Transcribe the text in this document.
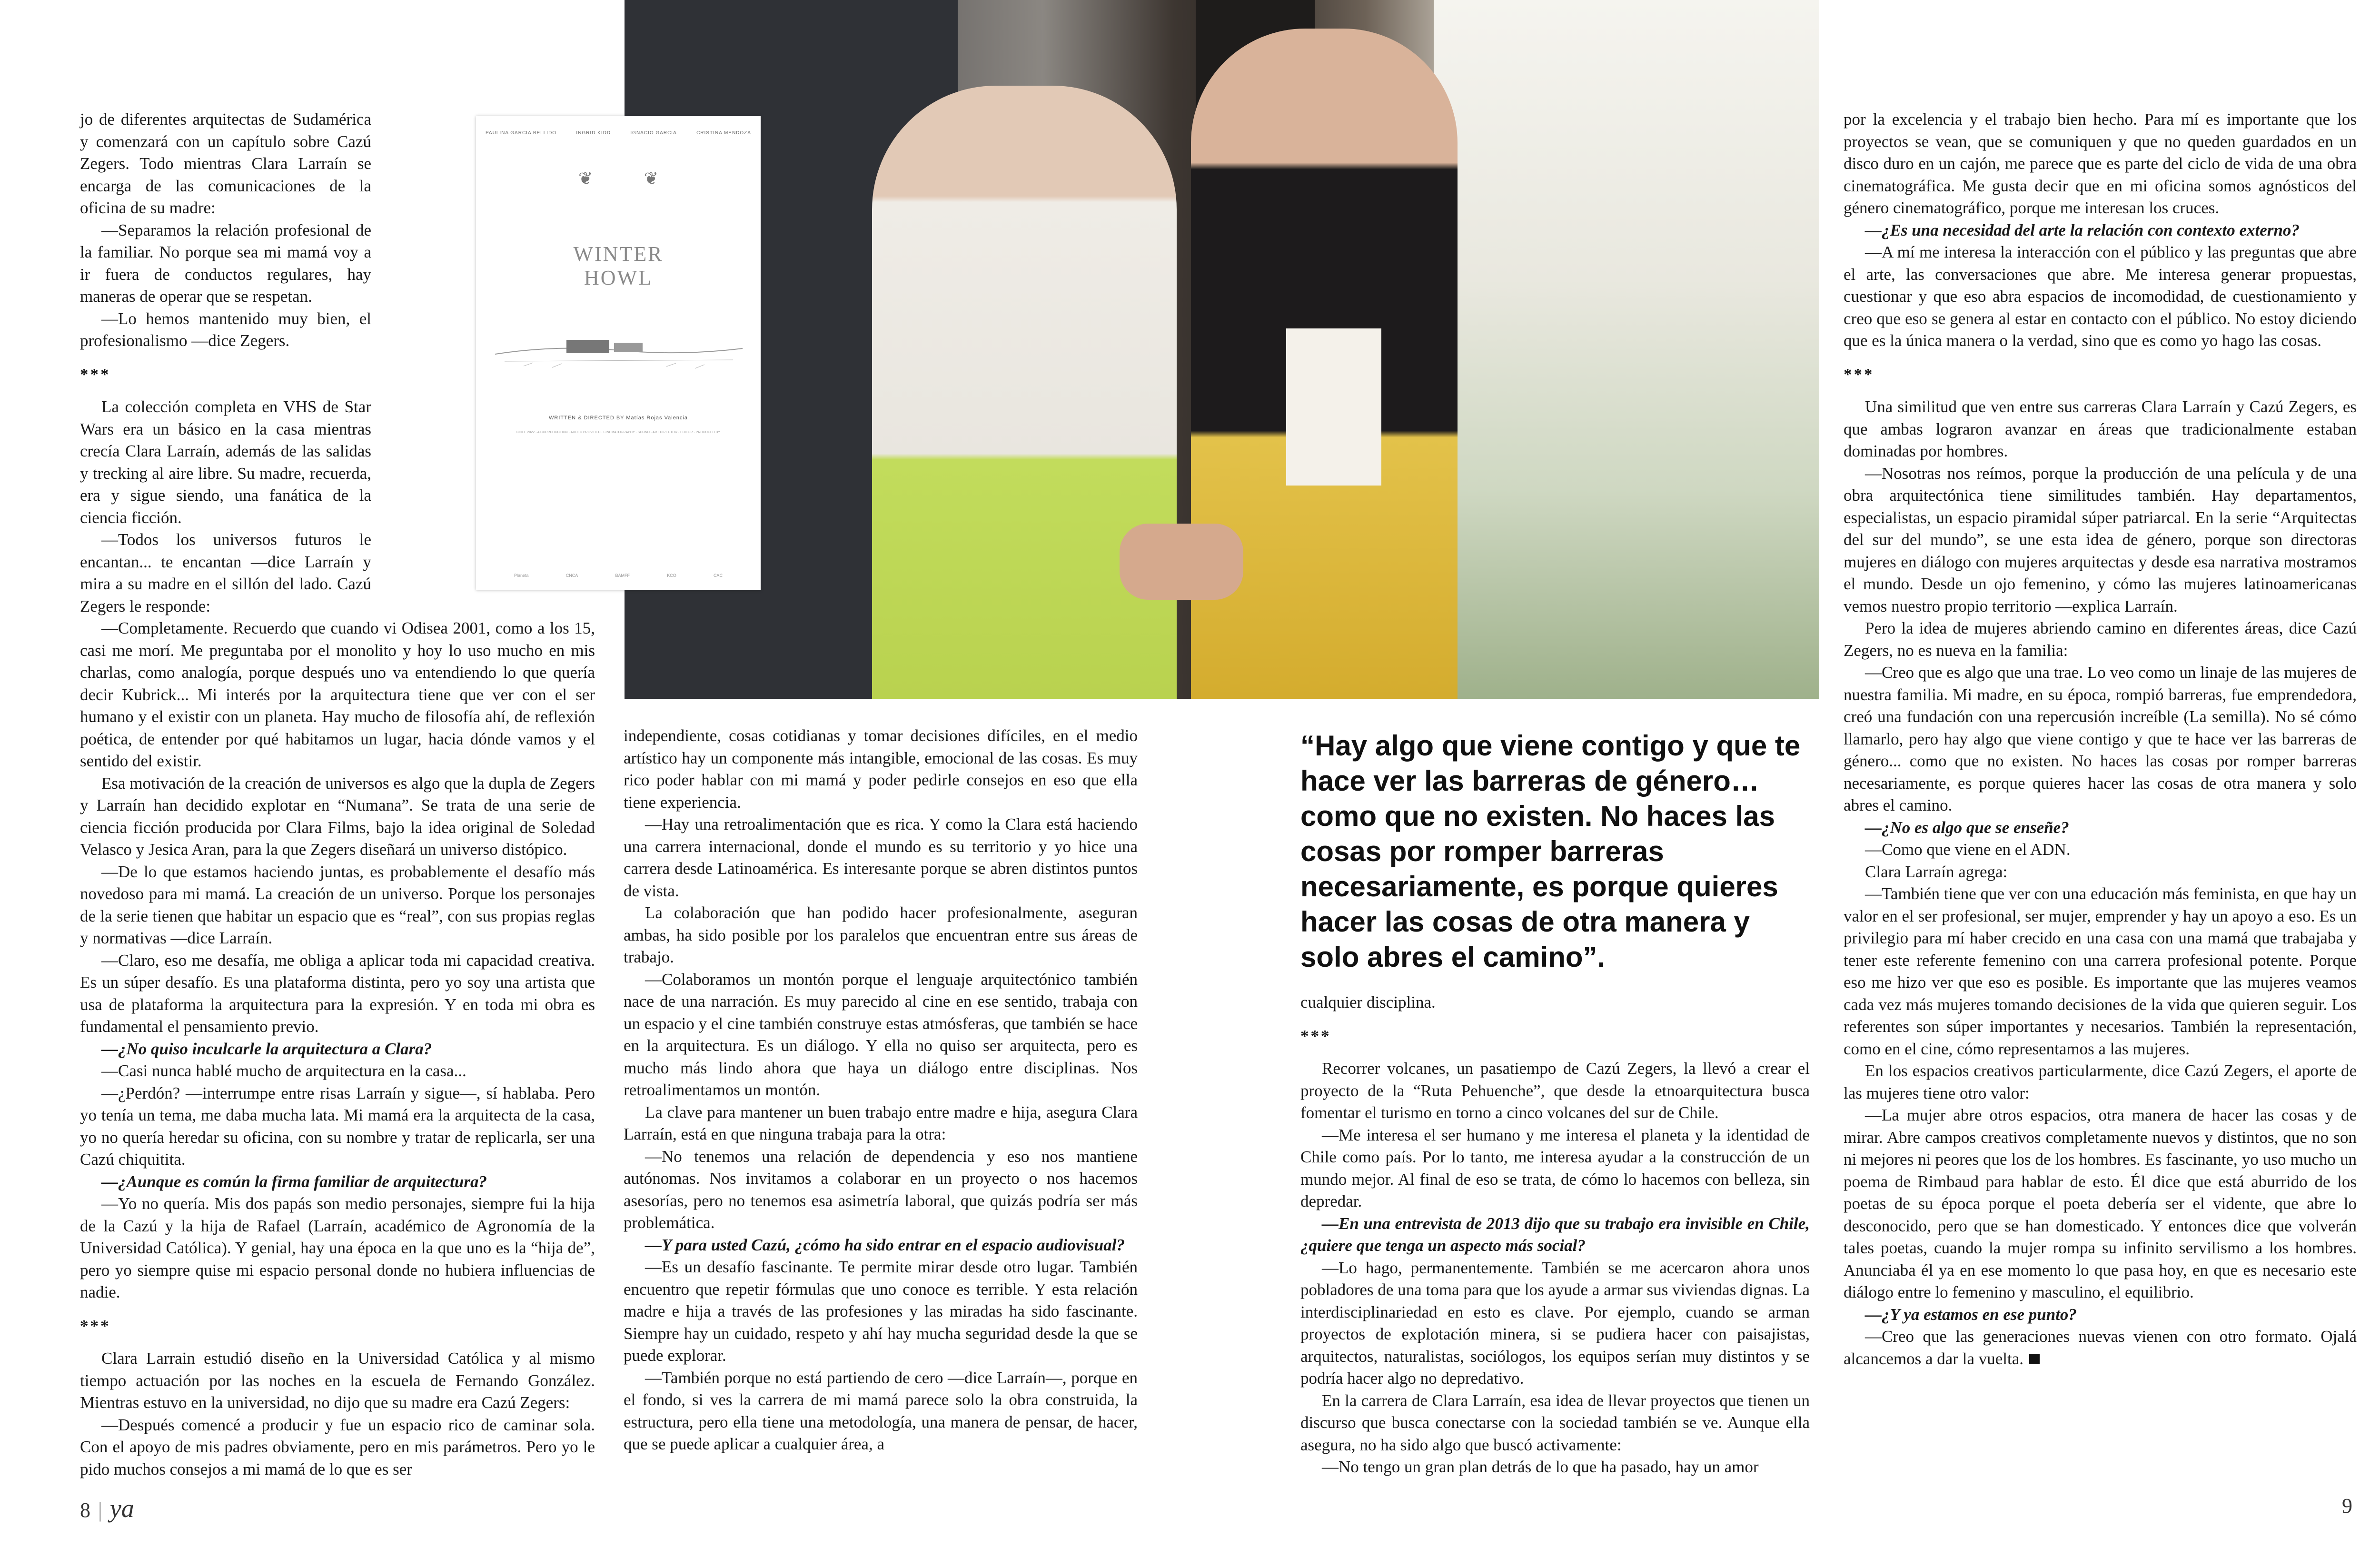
PAULINA GARCIA BELLIDO	INGRID KIDD	IGNACIO GARCIA	CRISTINA MENDOZA
❦	❦
WINTER
HOWL
WRITTEN & DIRECTED BY Matías Rojas Valencia
CHILE 2022 · A COPRODUCTION · ADDED PROVIDED · CINEMATOGRAPHY · SOUND · ART DIRECTOR · EDITOR · PRODUCED BY
Planeta	CNCA	BAMFF	KCO	CAC

jo de diferentes arquitectas de Sudamérica y comenzará con un capítulo sobre Cazú Zegers. Todo mientras Clara Larraín se encarga de las comunicaciones de la oficina de su madre:

—Separamos la relación profesional de la familiar. No porque sea mi mamá voy a ir fuera de conductos regulares, hay maneras de operar que se respetan.

—Lo hemos mantenido muy bien, el profesionalismo —dice Zegers.

***

La colección completa en VHS de Star Wars era un básico en la casa mientras crecía Clara Larraín, además de las salidas y trecking al aire libre. Su madre, recuerda, era y sigue siendo, una fanática de la ciencia ficción.

—Todos los universos futuros le encantan... te encantan —dice Larraín y mira a su madre en el sillón del lado. Cazú Zegers le responde:

—Completamente. Recuerdo que cuando vi Odisea 2001, como a los 15, casi me morí. Me preguntaba por el monolito y hoy lo uso mucho en mis charlas, como analogía, porque después uno va entendiendo lo que quería decir Kubrick... Mi interés por la arquitectura tiene que ver con el ser humano y el existir con un planeta. Hay mucho de filosofía ahí, de reflexión poética, de entender por qué habitamos un lugar, hacia dónde vamos y el sentido del existir.

Esa motivación de la creación de universos es algo que la dupla de Zegers y Larraín han decidido explotar en “Numana”. Se trata de una serie de ciencia ficción producida por Clara Films, bajo la idea original de Soledad Velasco y Jesica Aran, para la que Zegers diseñará un universo distópico.

—De lo que estamos haciendo juntas, es probablemente el desafío más novedoso para mi mamá. La creación de un universo. Porque los personajes de la serie tienen que habitar un espacio que es “real”, con sus propias reglas y normativas —dice Larraín.

—Claro, eso me desafía, me obliga a aplicar toda mi capacidad creativa. Es un súper desafío. Es una plataforma distinta, pero yo soy una artista que usa de plataforma la arquitectura para la expresión. Y en toda mi obra es fundamental el pensamiento previo.

—¿No quiso inculcarle la arquitectura a Clara?

—Casi nunca hablé mucho de arquitectura en la casa...

—¿Perdón? —interrumpe entre risas Larraín y sigue—, sí hablaba. Pero yo tenía un tema, me daba mucha lata. Mi mamá era la arquitecta de la casa, yo no quería heredar su oficina, con su nombre y tratar de replicarla, ser una Cazú chiquitita.

—¿Aunque es común la firma familiar de arquitectura?

—Yo no quería. Mis dos papás son medio personajes, siempre fui la hija de la Cazú y la hija de Rafael (Larraín, académico de Agronomía de la Universidad Católica). Y genial, hay una época en la que uno es la “hija de”, pero yo siempre quise mi espacio personal donde no hubiera influencias de nadie.

***

Clara Larrain estudió diseño en la Universidad Católica y al mismo tiempo actuación por las noches en la escuela de Fernando González. Mientras estuvo en la universidad, no dijo que su madre era Cazú Zegers:

—Después comencé a producir y fue un espacio rico de caminar sola. Con el apoyo de mis padres obviamente, pero en mis parámetros. Pero yo le pido muchos consejos a mi mamá de lo que es ser

independiente, cosas cotidianas y tomar decisiones difíciles, en el medio artístico hay un componente más intangible, emocional de las cosas. Es muy rico poder hablar con mi mamá y poder pedirle consejos en eso que ella tiene experiencia.

—Hay una retroalimentación que es rica. Y como la Clara está haciendo una carrera internacional, donde el mundo es su territorio y yo hice una carrera desde Latinoamérica. Es interesante porque se abren distintos puntos de vista.

La colaboración que han podido hacer profesionalmente, aseguran ambas, ha sido posible por los paralelos que encuentran entre sus áreas de trabajo.

—Colaboramos un montón porque el lenguaje arquitectónico también nace de una narración. Es muy parecido al cine en ese sentido, trabaja con un espacio y el cine también construye estas atmósferas, que también se hace en la arquitectura. Es un diálogo. Y ella no quiso ser arquitecta, pero es mucho más lindo ahora que haya un diálogo entre disciplinas. Nos retroalimentamos un montón.

La clave para mantener un buen trabajo entre madre e hija, asegura Clara Larraín, está en que ninguna trabaja para la otra:

—No tenemos una relación de dependencia y eso nos mantiene autónomas. Nos invitamos a colaborar en un proyecto o nos hacemos asesorías, pero no tenemos esa asimetría laboral, que quizás podría ser más problemática.

—Y para usted Cazú, ¿cómo ha sido entrar en el espacio audiovisual?

—Es un desafío fascinante. Te permite mirar desde otro lugar. También encuentro que repetir fórmulas que uno conoce es terrible. Y esta relación madre e hija a través de las profesiones y las miradas ha sido fascinante. Siempre hay un cuidado, respeto y ahí hay mucha seguridad desde la que se puede explorar.

—También porque no está partiendo de cero —dice Larraín—, porque en el fondo, si ves la carrera de mi mamá parece solo la obra construida, la estructura, pero ella tiene una metodología, una manera de pensar, de hacer, que se puede aplicar a cualquier área, a

cualquier disciplina.

***

Recorrer volcanes, un pasatiempo de Cazú Zegers, la llevó a crear el proyecto de la “Ruta Pehuenche”, que desde la etnoarquitectura busca fomentar el turismo en torno a cinco volcanes del sur de Chile.

—Me interesa el ser humano y me interesa el planeta y la identidad de Chile como país. Por lo tanto, me interesa ayudar a la construcción de un mundo mejor. Al final de eso se trata, de cómo lo hacemos con belleza, sin depredar.

—En una entrevista de 2013 dijo que su trabajo era invisible en Chile, ¿quiere que tenga un aspecto más social?

—Lo hago, permanentemente. También se me acercaron ahora unos pobladores de una toma para que los ayude a armar sus viviendas dignas. La interdisciplinariedad en esto es clave. Por ejemplo, cuando se arman proyectos de explotación minera, si se pudiera hacer con paisajistas, arquitectos, naturalistas, sociólogos, los equipos serían muy distintos y se podría hacer algo no depredativo.

En la carrera de Clara Larraín, esa idea de llevar proyectos que tienen un discurso que busca conectarse con la sociedad también se ve. Aunque ella asegura, no ha sido algo que buscó activamente:

—No tengo un gran plan detrás de lo que ha pasado, hay un amor

por la excelencia y el trabajo bien hecho. Para mí es importante que los proyectos se vean, que se comuniquen y que no queden guardados en un disco duro en un cajón, me parece que es parte del ciclo de vida de una obra cinematográfica. Me gusta decir que en mi oficina somos agnósticos del género cinematográfico, porque me interesan los cruces.

—¿Es una necesidad del arte la relación con contexto externo?

—A mí me interesa la interacción con el público y las preguntas que abre el arte, las conversaciones que abre. Me interesa generar propuestas, cuestionar y que eso abra espacios de incomodidad, de cuestionamiento y creo que eso se genera al estar en contacto con el público. No estoy diciendo que es la única manera o la verdad, sino que es como yo hago las cosas.

***

Una similitud que ven entre sus carreras Clara Larraín y Cazú Zegers, es que ambas lograron avanzar en áreas que tradicionalmente estaban dominadas por hombres.

—Nosotras nos reímos, porque la producción de una película y de una obra arquitectónica tiene similitudes también. Hay departamentos, especialistas, un espacio piramidal súper patriarcal. En la serie “Arquitectas del sur del mundo”, se une esta idea de género, porque son directoras mujeres en diálogo con mujeres arquitectas y desde esa narrativa mostramos el mundo. Desde un ojo femenino, y cómo las mujeres latinoamericanas vemos nuestro propio territorio —explica Larraín.

Pero la idea de mujeres abriendo camino en diferentes áreas, dice Cazú Zegers, no es nueva en la familia:

—Creo que es algo que una trae. Lo veo como un linaje de las mujeres de nuestra familia. Mi madre, en su época, rompió barreras, fue emprendedora, creó una fundación con una repercusión increíble (La semilla). No sé cómo llamarlo, pero hay algo que viene contigo y que te hace ver las barreras de género... como que no existen. No haces las cosas por romper barreras necesariamente, es porque quieres hacer las cosas de otra manera y solo abres el camino.

—¿No es algo que se enseñe?

—Como que viene en el ADN.

Clara Larraín agrega:

—También tiene que ver con una educación más feminista, en que hay un valor en el ser profesional, ser mujer, emprender y hay un apoyo a eso. Es un privilegio para mí haber crecido en una casa con una mamá que trabajaba y tener este referente femenino con una carrera profesional potente. Porque eso me hizo ver que eso es posible. Es importante que las mujeres veamos cada vez más mujeres tomando decisiones de la vida que quieren seguir. Los referentes son súper importantes y necesarios. También la representación, como en el cine, cómo representamos a las mujeres.

En los espacios creativos particularmente, dice Cazú Zegers, el aporte de las mujeres tiene otro valor:

—La mujer abre otros espacios, otra manera de hacer las cosas y de mirar. Abre campos creativos completamente nuevos y distintos, que no son ni mejores ni peores que los de los hombres. Es fascinante, yo uso mucho un poema de Rimbaud para hablar de esto. Él dice que está aburrido de los poetas de su época porque el poeta debería ser el vidente, que abre lo desconocido, pero que se han domesticado. Y entonces dice que volverán tales poetas, cuando la mujer rompa su infinito servilismo a los hombres. Anunciaba él ya en ese momento lo que pasa hoy, en que es necesario este diálogo entre lo femenino y masculino, el equilibrio.

—¿Y ya estamos en ese punto?

—Creo que las generaciones nuevas vienen con otro formato. Ojalá alcancemos a dar la vuelta.

“Hay algo que viene contigo y que te hace ver las barreras de género… como que no existen. No haces las cosas por romper barreras necesariamente, es porque quieres hacer las cosas de otra manera y solo abres el camino”.
8 | ya	9
